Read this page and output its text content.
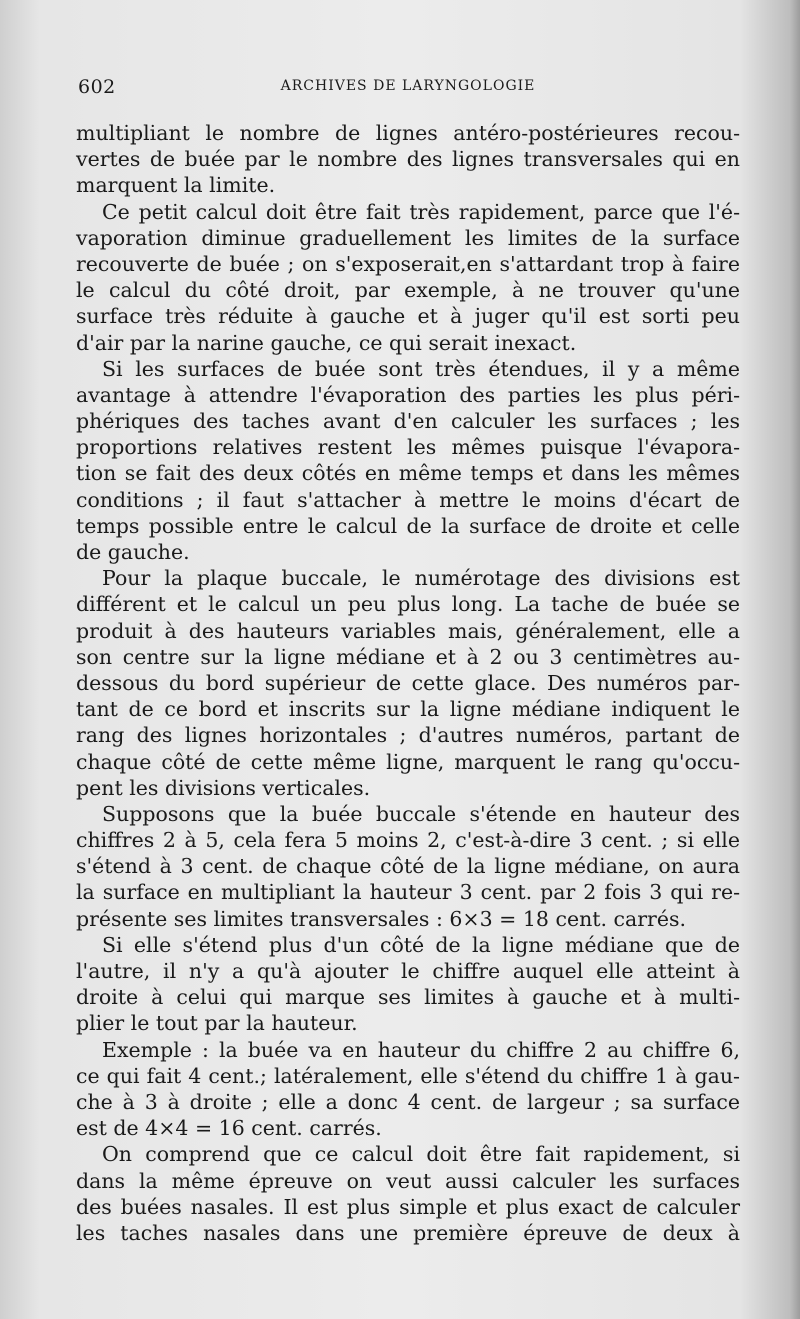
602	ARCHIVES DE LARYNGOLOGIE
multipliant le nombre de lignes antéro-postérieures recou-
vertes de buée par le nombre des lignes transversales qui en
marquent la limite.
Ce petit calcul doit être fait très rapidement, parce que l'é-
vaporation diminue graduellement les limites de la surface
recouverte de buée ; on s'exposerait,en s'attardant trop à faire
le calcul du côté droit, par exemple, à ne trouver qu'une
surface très réduite à gauche et à juger qu'il est sorti peu
d'air par la narine gauche, ce qui serait inexact.
Si les surfaces de buée sont très étendues, il y a même
avantage à attendre l'évaporation des parties les plus péri-
phériques des taches avant d'en calculer les surfaces ; les
proportions relatives restent les mêmes puisque l'évapora-
tion se fait des deux côtés en même temps et dans les mêmes
conditions ; il faut s'attacher à mettre le moins d'écart de
temps possible entre le calcul de la surface de droite et celle
de gauche.
Pour la plaque buccale, le numérotage des divisions est
différent et le calcul un peu plus long. La tache de buée se
produit à des hauteurs variables mais, généralement, elle a
son centre sur la ligne médiane et à 2 ou 3 centimètres au-
dessous du bord supérieur de cette glace. Des numéros par-
tant de ce bord et inscrits sur la ligne médiane indiquent le
rang des lignes horizontales ; d'autres numéros, partant de
chaque côté de cette même ligne, marquent le rang qu'occu-
pent les divisions verticales.
Supposons que la buée buccale s'étende en hauteur des
chiffres 2 à 5, cela fera 5 moins 2, c'est-à-dire 3 cent. ; si elle
s'étend à 3 cent. de chaque côté de la ligne médiane, on aura
la surface en multipliant la hauteur 3 cent. par 2 fois 3 qui re-
présente ses limites transversales : 6×3 = 18 cent. carrés.
Si elle s'étend plus d'un côté de la ligne médiane que de
l'autre, il n'y a qu'à ajouter le chiffre auquel elle atteint à
droite à celui qui marque ses limites à gauche et à multi-
plier le tout par la hauteur.
Exemple : la buée va en hauteur du chiffre 2 au chiffre 6,
ce qui fait 4 cent.; latéralement, elle s'étend du chiffre 1 à gau-
che à 3 à droite ; elle a donc 4 cent. de largeur ; sa surface
est de 4×4 = 16 cent. carrés.
On comprend que ce calcul doit être fait rapidement, si
dans la même épreuve on veut aussi calculer les surfaces
des buées nasales. Il est plus simple et plus exact de calculer
les taches nasales dans une première épreuve de deux à
